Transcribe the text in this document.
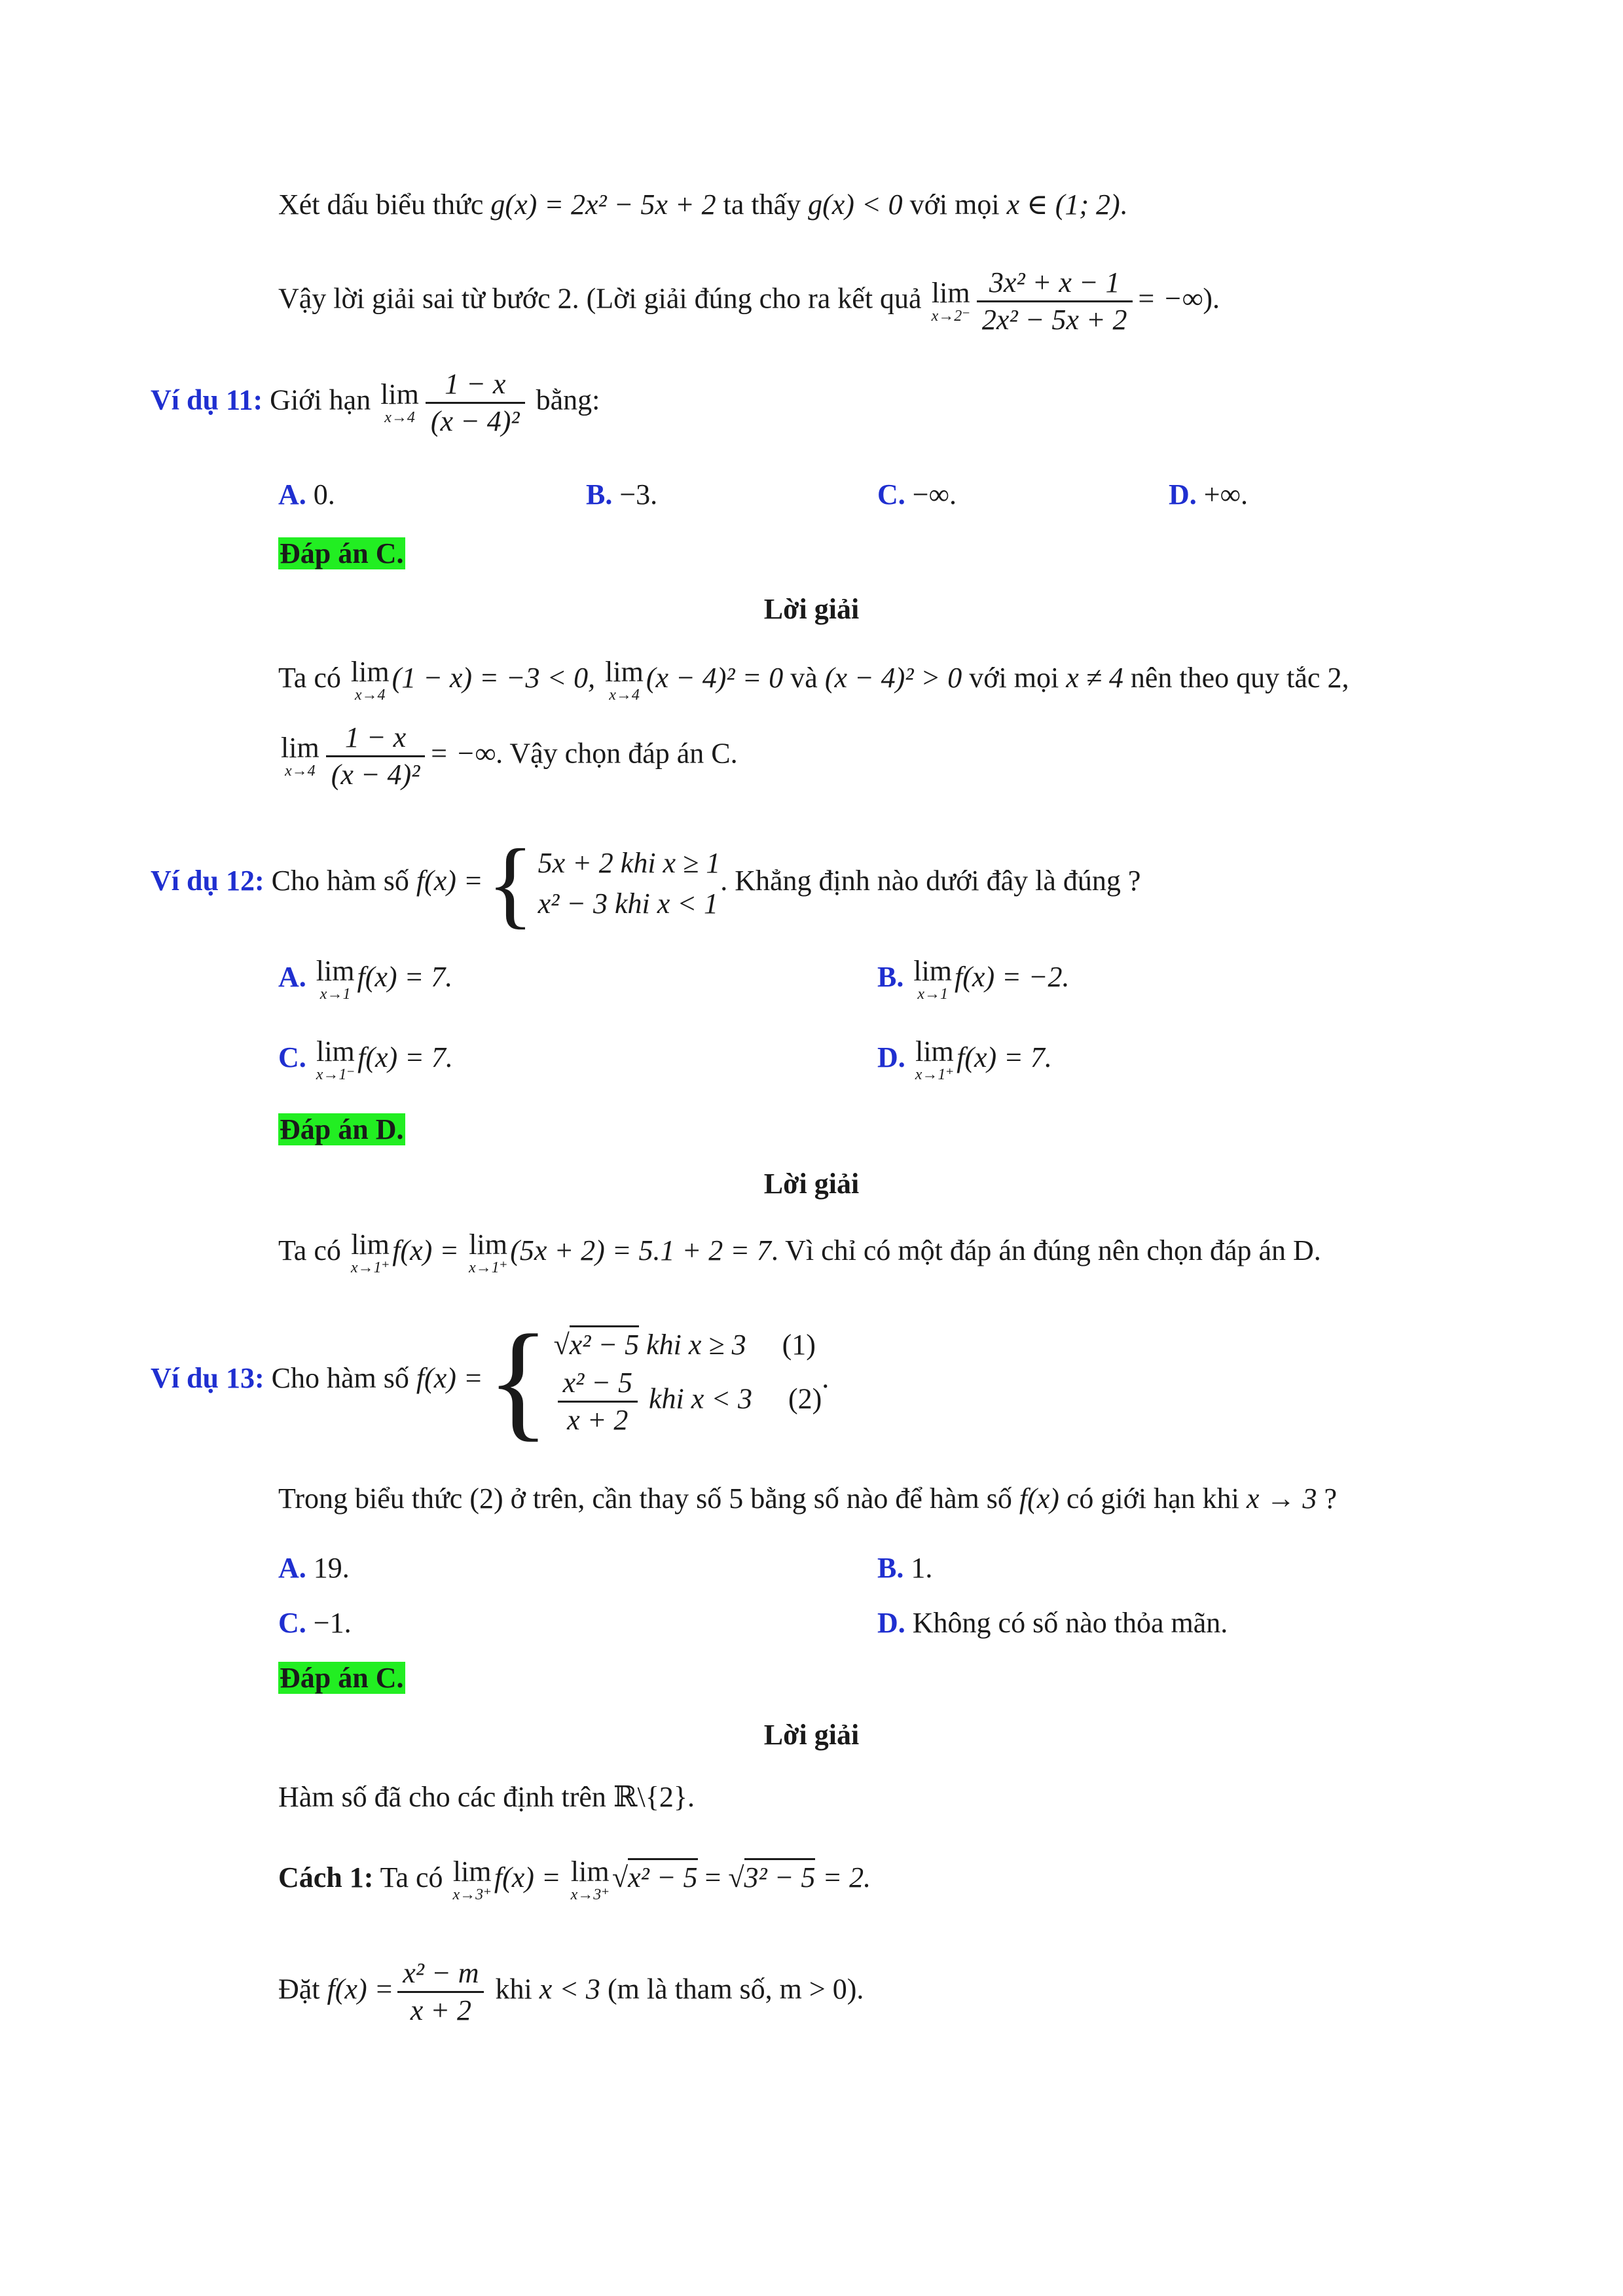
Xét dấu biểu thức g(x) = 2x² − 5x + 2 ta thấy g(x) < 0 với mọi x ∈ (1; 2).
Vậy lời giải sai từ bước 2. (Lời giải đúng cho ra kết quả lim
$x\to 2^- \frac{\text{3x² + x − 1}}{\text{2x² − 5x + 2}}$ = −∞).
Ví dụ 11: Giới hạn lim
$x\to 4 \frac{1 - x}{\text{(x − 4)²}}$ bằng:
A. 0.	B. −3.	C. −∞.	D. +∞.
Đáp án C.
Lời giải
Ta có lim
x→4
(1 − x) = −3 < 0, lim
x→4
(x − 4)² = 0 và (x − 4)² > 0 với mọi x ≠ 4 nên theo quy tắc 2,
lim
$x\to 4 \frac{1 - x}{\text{(x − 4)²}}$ = −∞. Vậy chọn đáp án C.
Ví dụ 12: Cho hàm số f(x) ={ 5x + 2 khi x ≥ 1
x² − 3 khi x < 1
. Khẳng định nào dưới đây là đúng ?
A. lim
x→1
f(x) = 7.	B. lim
x→1
f(x) = −2.
C. lim
x→1⁻
f(x) = 7.	D. lim
x→1⁺
f(x) = 7.
Đáp án D.
Lời giải
Ta có lim
x→1⁺
f(x) = lim
x→1⁺
(5x + 2) = 5.1 + 2 = 7. Vì chỉ có một đáp án đúng nên chọn đáp án D.
Ví dụ 13: Cho hàm số f(x) ={ √x² − 5 khi x ≥ 3 (1)
$\frac{\text{x² − 5}}{x + 2}$ khi x < 3 (2)
.
Trong biểu thức (2) ở trên, cần thay số 5 bằng số nào để hàm số f(x) có giới hạn khi x → 3 ?
A. 19.	B. 1.
C. −1.	D. Không có số nào thỏa mãn.
Đáp án C.
Lời giải
Hàm số đã cho các định trên ℝ\{2}.
Cách 1: Ta có lim
x→3⁺
f(x) = lim
x→3⁺
√x² − 5 = √3² − 5 = 2.
Đặt $f(x) = \frac{\text{x² − m}}{x + 2}$ khi x < 3 (m là tham số, m > 0).
